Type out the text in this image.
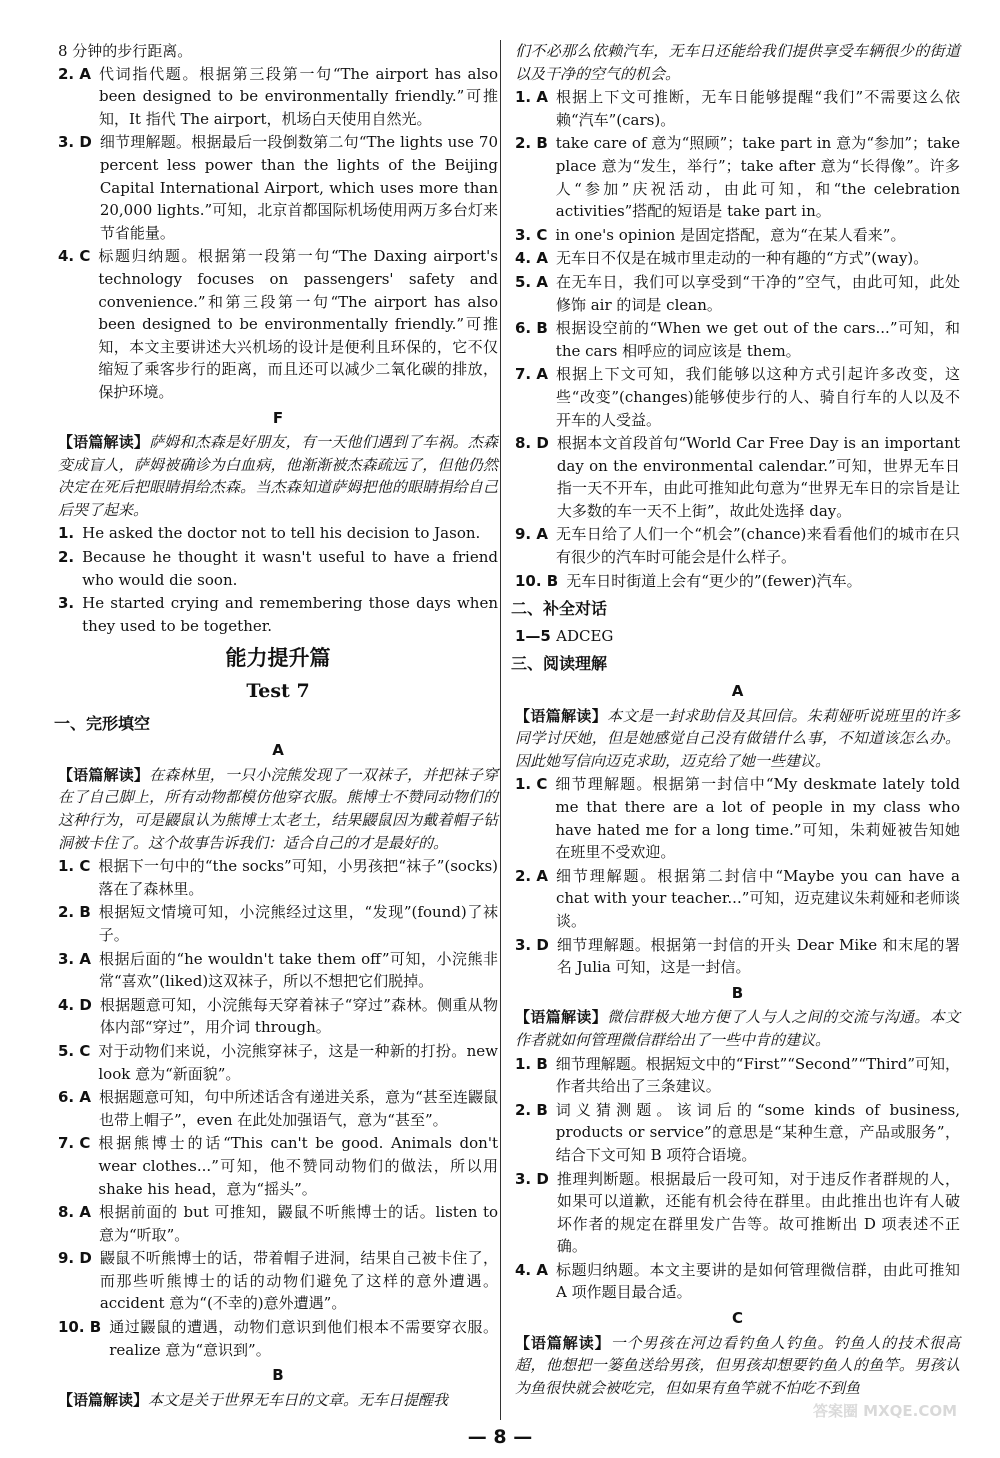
8 分钟的步行距离。
2. A 代词指代题。根据第三段第一句“The airport has also been designed to be environmentally friendly.”可推知，It 指代 The airport，机场白天使用自然光。
3. D 细节理解题。根据最后一段倒数第二句“The lights use 70 percent less power than the lights of the Beijing Capital International Airport, which uses more than 20,000 lights.”可知，北京首都国际机场使用两万多台灯来节省能量。
4. C 标题归纳题。根据第一段第一句“The Daxing airport's technology focuses on passengers' safety and convenience.”和第三段第一句“The airport has also been designed to be environmentally friendly.”可推知，本文主要讲述大兴机场的设计是便利且环保的，它不仅缩短了乘客步行的距离，而且还可以减少二氧化碳的排放，保护环境。
F
【语篇解读】萨姆和杰森是好朋友，有一天他们遇到了车祸。杰森变成盲人，萨姆被确诊为白血病，他渐渐被杰森疏远了，但他仍然决定在死后把眼睛捐给杰森。当杰森知道萨姆把他的眼睛捐给自己后哭了起来。
1. He asked the doctor not to tell his decision to Jason.
2. Because he thought it wasn't useful to have a friend who would die soon.
3. He started crying and remembering those days when they used to be together.
能力提升篇
Test 7
一、完形填空
A
【语篇解读】在森林里，一只小浣熊发现了一双袜子，并把袜子穿在了自己脚上，所有动物都模仿他穿衣服。熊博士不赞同动物们的这种行为，可是鼹鼠认为熊博士太老土，结果鼹鼠因为戴着帽子钻洞被卡住了。这个故事告诉我们：适合自己的才是最好的。
1. C 根据下一句中的“the socks”可知，小男孩把“袜子”(socks)落在了森林里。
2. B 根据短文情境可知，小浣熊经过这里，“发现”(found)了袜子。
3. A 根据后面的“he wouldn't take them off”可知，小浣熊非常“喜欢”(liked)这双袜子，所以不想把它们脱掉。
4. D 根据题意可知，小浣熊每天穿着袜子“穿过”森林。侧重从物体内部“穿过”，用介词 through。
5. C 对于动物们来说，小浣熊穿袜子，这是一种新的打扮。new look 意为“新面貌”。
6. A 根据题意可知，句中所述话含有递进关系，意为“甚至连鼹鼠也带上帽子”，even 在此处加强语气，意为“甚至”。
7. C 根据熊博士的话“This can't be good. Animals don't wear clothes...”可知，他不赞同动物们的做法，所以用 shake his head，意为“摇头”。
8. A 根据前面的 but 可推知，鼹鼠不听熊博士的话。listen to 意为“听取”。
9. D 鼹鼠不听熊博士的话，带着帽子进洞，结果自己被卡住了，而那些听熊博士的话的动物们避免了这样的意外遭遇。accident 意为“(不幸的)意外遭遇”。
10. B 通过鼹鼠的遭遇，动物们意识到他们根本不需要穿衣服。realize 意为“意识到”。
B
【语篇解读】本文是关于世界无车日的文章。无车日提醒我
们不必那么依赖汽车，无车日还能给我们提供享受车辆很少的街道以及干净的空气的机会。
1. A 根据上下文可推断，无车日能够提醒“我们”不需要这么依赖“汽车”(cars)。
2. B take care of 意为“照顾”；take part in 意为“参加”；take place 意为“发生，举行”；take after 意为“长得像”。许多人“参加”庆祝活动，由此可知，和“the celebration activities”搭配的短语是 take part in。
3. C in one's opinion 是固定搭配，意为“在某人看来”。
4. A 无车日不仅是在城市里走动的一种有趣的“方式”(way)。
5. A 在无车日，我们可以享受到“干净的”空气，由此可知，此处修饰 air 的词是 clean。
6. B 根据设空前的“When we get out of the cars...”可知，和 the cars 相呼应的词应该是 them。
7. A 根据上下文可知，我们能够以这种方式引起许多改变，这些“改变”(changes)能够使步行的人、骑自行车的人以及不开车的人受益。
8. D 根据本文首段首句“World Car Free Day is an important day on the environmental calendar.”可知，世界无车日指一天不开车，由此可推知此句意为“世界无车日的宗旨是让大多数的车一天不上街”，故此处选择 day。
9. A 无车日给了人们一个“机会”(chance)来看看他们的城市在只有很少的汽车时可能会是什么样子。
10. B 无车日时街道上会有“更少的”(fewer)汽车。
二、补全对话
1—5 ADCEG
三、阅读理解
A
【语篇解读】本文是一封求助信及其回信。朱莉娅听说班里的许多同学讨厌她，但是她感觉自己没有做错什么事，不知道该怎么办。因此她写信向迈克求助，迈克给了她一些建议。
1. C 细节理解题。根据第一封信中“My deskmate lately told me that there are a lot of people in my class who have hated me for a long time.”可知，朱莉娅被告知她在班里不受欢迎。
2. A 细节理解题。根据第二封信中“Maybe you can have a chat with your teacher...”可知，迈克建议朱莉娅和老师谈谈。
3. D 细节理解题。根据第一封信的开头 Dear Mike 和末尾的署名 Julia 可知，这是一封信。
B
【语篇解读】微信群极大地方便了人与人之间的交流与沟通。本文作者就如何管理微信群给出了一些中肯的建议。
1. B 细节理解题。根据短文中的“First”“Second”“Third”可知，作者共给出了三条建议。
2. B 词义猜测题。该词后的“some kinds of business, products or service”的意思是“某种生意，产品或服务”，结合下文可知 B 项符合语境。
3. D 推理判断题。根据最后一段可知，对于违反作者群规的人，如果可以道歉，还能有机会待在群里。由此推出也许有人破坏作者的规定在群里发广告等。故可推断出 D 项表述不正确。
4. A 标题归纳题。本文主要讲的是如何管理微信群，由此可推知 A 项作题目最合适。
C
【语篇解读】一个男孩在河边看钓鱼人钓鱼。钓鱼人的技术很高超，他想把一篓鱼送给男孩，但男孩却想要钓鱼人的鱼竿。男孩认为鱼很快就会被吃完，但如果有鱼竿就不怕吃不到鱼
— 8 —
答案圈 MXQE.COM
